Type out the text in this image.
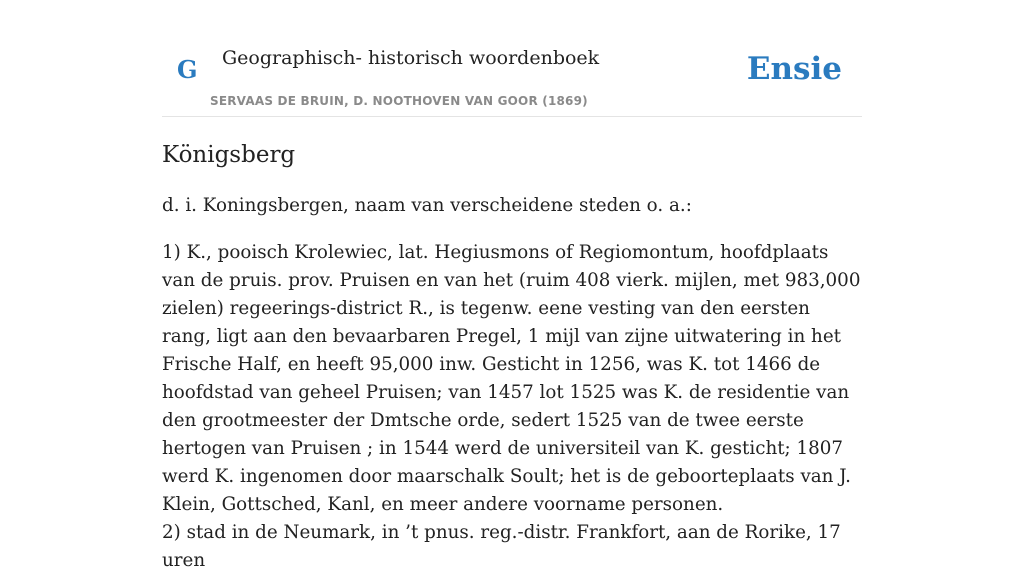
G Geographisch- historisch woordenboek
SERVAAS DE BRUIN, D. NOOTHOVEN VAN GOOR (1869)
Ensie
Königsberg

d. i. Koningsbergen, naam van verscheidene steden o. a.:

1) K., pooisch Krolewiec, lat. Hegiusmons of Regiomontum, hoofdplaats van de pruis. prov. Pruisen en van het (ruim 408 vierk. mijlen, met 983,000 zielen) regeerings-district R., is tegenw. eene vesting van den eersten rang, ligt aan den bevaarbaren Pregel, 1 mijl van zijne uitwatering in het Frische Half, en heeft 95,000 inw. Gesticht in 1256, was K. tot 1466 de hoofdstad van geheel Pruisen; van 1457 lot 1525 was K. de residentie van den grootmeester der Dmtsche orde, sedert 1525 van de twee eerste hertogen van Pruisen ; in 1544 werd de universiteil van K. gesticht; 1807 werd K. ingenomen door maarschalk Soult; het is de geboorteplaats van J. Klein, Gottsched, Kanl, en meer andere voorname personen.

2) stad in de Neumark, in ’t pnus. reg.-distr. Frankfort, aan de Rorike, 17 uren
